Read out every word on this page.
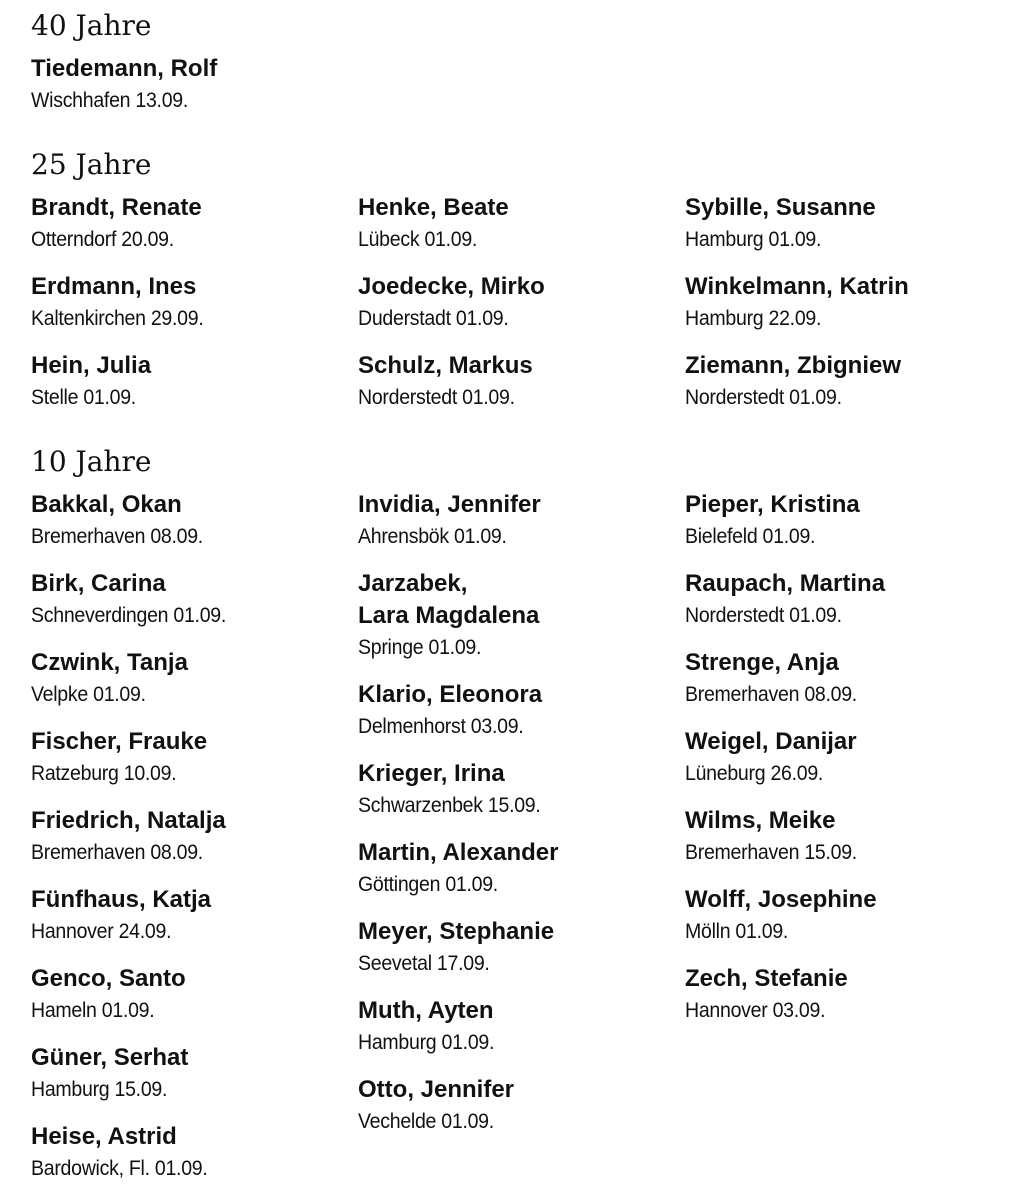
40 Jahre
Tiedemann, Rolf
Wischhafen 13.09.
25 Jahre
Brandt, Renate
Otterndorf 20.09.
Erdmann, Ines
Kaltenkirchen 29.09.
Hein, Julia
Stelle 01.09.
Henke, Beate
Lübeck 01.09.
Joedecke, Mirko
Duderstadt 01.09.
Schulz, Markus
Norderstedt 01.09.
Sybille, Susanne
Hamburg 01.09.
Winkelmann, Katrin
Hamburg 22.09.
Ziemann, Zbigniew
Norderstedt 01.09.
10 Jahre
Bakkal, Okan
Bremerhaven 08.09.
Birk, Carina
Schneverdingen 01.09.
Czwink, Tanja
Velpke 01.09.
Fischer, Frauke
Ratzeburg 10.09.
Friedrich, Natalja
Bremerhaven 08.09.
Fünfhaus, Katja
Hannover 24.09.
Genco, Santo
Hameln 01.09.
Güner, Serhat
Hamburg 15.09.
Heise, Astrid
Bardowick, Fl. 01.09.
Invidia, Jennifer
Ahrensbök 01.09.
Jarzabek,
Lara Magdalena
Springe 01.09.
Klario, Eleonora
Delmenhorst 03.09.
Krieger, Irina
Schwarzenbek 15.09.
Martin, Alexander
Göttingen 01.09.
Meyer, Stephanie
Seevetal 17.09.
Muth, Ayten
Hamburg 01.09.
Otto, Jennifer
Vechelde 01.09.
Pieper, Kristina
Bielefeld 01.09.
Raupach, Martina
Norderstedt 01.09.
Strenge, Anja
Bremerhaven 08.09.
Weigel, Danijar
Lüneburg 26.09.
Wilms, Meike
Bremerhaven 15.09.
Wolff, Josephine
Mölln 01.09.
Zech, Stefanie
Hannover 03.09.
